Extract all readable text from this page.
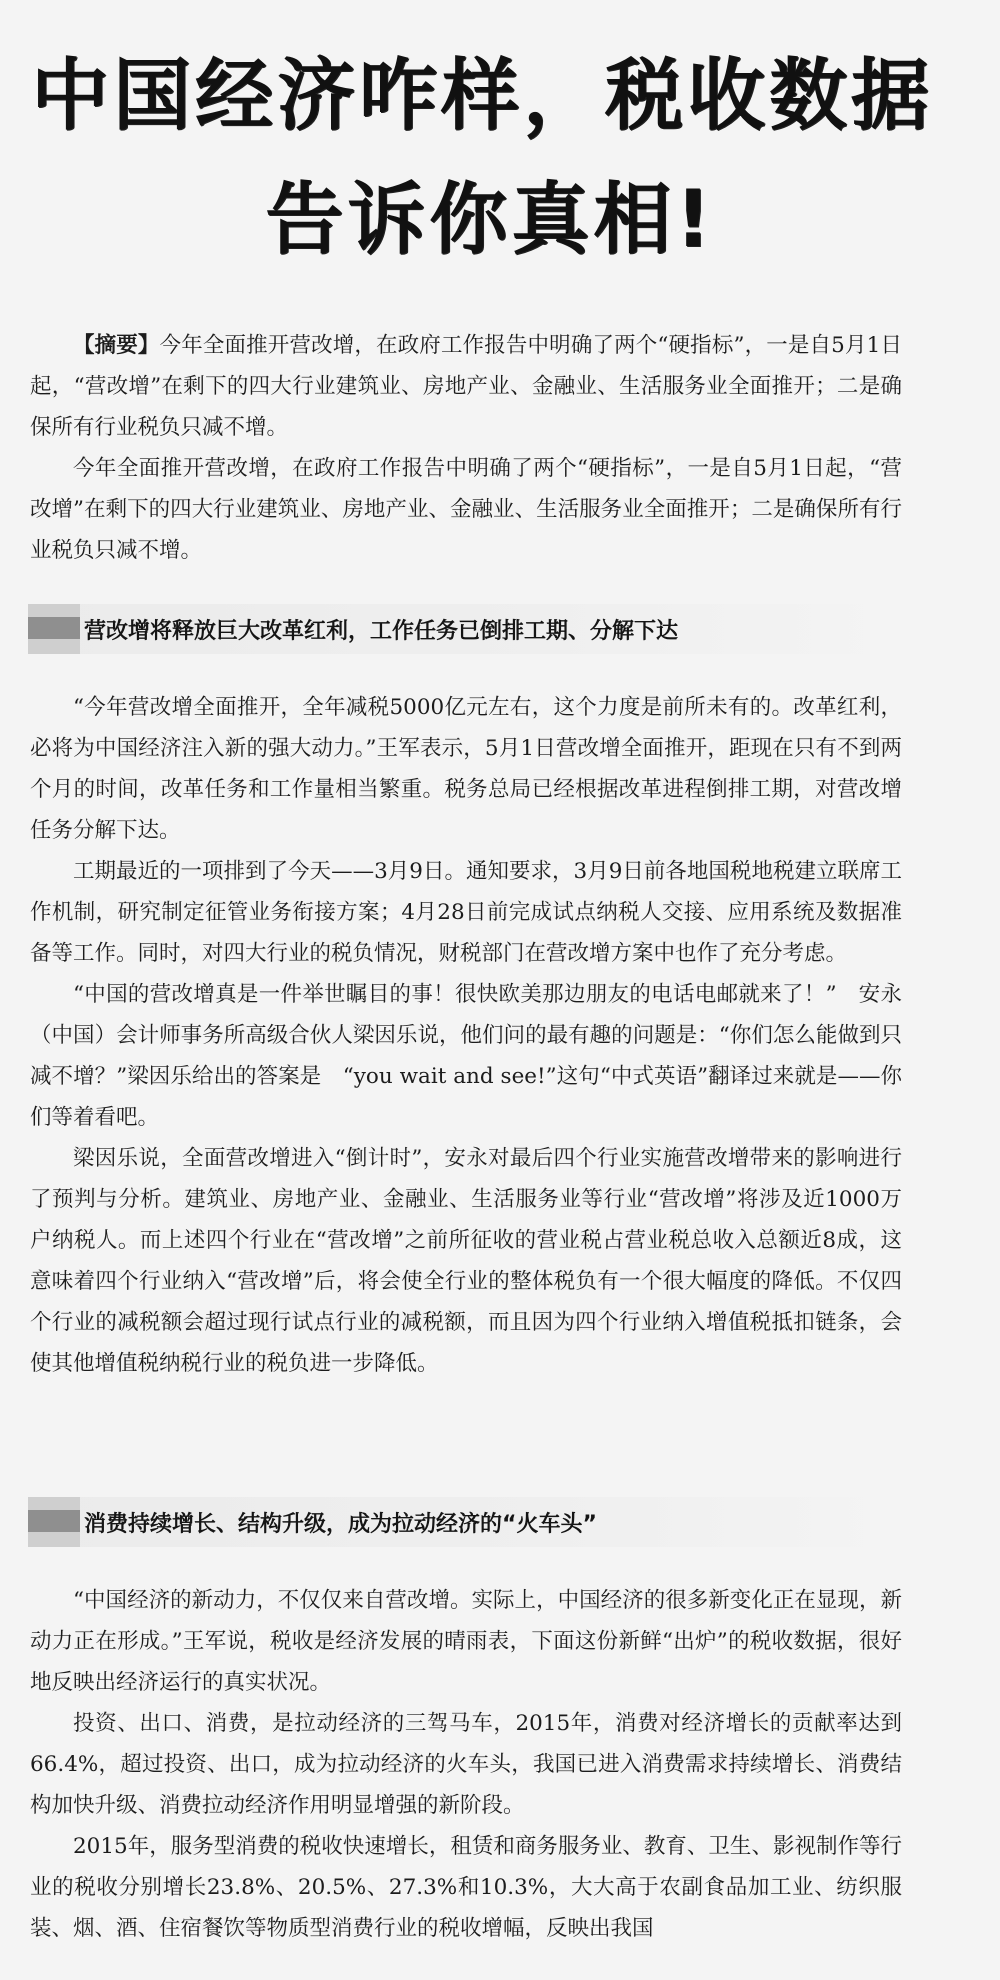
中国经济咋样，税收数据
告诉你真相!

【摘要】今年全面推开营改增，在政府工作报告中明确了两个“硬指标”，一是自5月1日起，“营改增”在剩下的四大行业建筑业、房地产业、金融业、生活服务业全面推开；二是确保所有行业税负只减不增。

今年全面推开营改增，在政府工作报告中明确了两个“硬指标”，一是自5月1日起，“营改增”在剩下的四大行业建筑业、房地产业、金融业、生活服务业全面推开；二是确保所有行业税负只减不增。

营改增将释放巨大改革红利，工作任务已倒排工期、分解下达

“今年营改增全面推开，全年减税5000亿元左右，这个力度是前所未有的。改革红利，必将为中国经济注入新的强大动力。”王军表示，5月1日营改增全面推开，距现在只有不到两个月的时间，改革任务和工作量相当繁重。税务总局已经根据改革进程倒排工期，对营改增任务分解下达。

工期最近的一项排到了今天——3月9日。通知要求，3月9日前各地国税地税建立联席工作机制，研究制定征管业务衔接方案；4月28日前完成试点纳税人交接、应用系统及数据准备等工作。同时，对四大行业的税负情况，财税部门在营改增方案中也作了充分考虑。

“中国的营改增真是一件举世瞩目的事！很快欧美那边朋友的电话电邮就来了！”　安永（中国）会计师事务所高级合伙人梁因乐说，他们问的最有趣的问题是：“你们怎么能做到只减不增？”梁因乐给出的答案是　“you wait and see!”这句“中式英语”翻译过来就是——你们等着看吧。

梁因乐说，全面营改增进入“倒计时”，安永对最后四个行业实施营改增带来的影响进行了预判与分析。建筑业、房地产业、金融业、生活服务业等行业“营改增”将涉及近1000万户纳税人。而上述四个行业在“营改增”之前所征收的营业税占营业税总收入总额近8成，这意味着四个行业纳入“营改增”后，将会使全行业的整体税负有一个很大幅度的降低。不仅四个行业的减税额会超过现行试点行业的减税额，而且因为四个行业纳入增值税抵扣链条，会使其他增值税纳税行业的税负进一步降低。

消费持续增长、结构升级，成为拉动经济的“火车头”

“中国经济的新动力，不仅仅来自营改增。实际上，中国经济的很多新变化正在显现，新动力正在形成。”王军说，税收是经济发展的晴雨表，下面这份新鲜“出炉”的税收数据，很好地反映出经济运行的真实状况。

投资、出口、消费，是拉动经济的三驾马车，2015年，消费对经济增长的贡献率达到66.4%，超过投资、出口，成为拉动经济的火车头，我国已进入消费需求持续增长、消费结构加快升级、消费拉动经济作用明显增强的新阶段。

2015年，服务型消费的税收快速增长，租赁和商务服务业、教育、卫生、影视制作等行业的税收分别增长23.8%、20.5%、27.3%和10.3%，大大高于农副食品加工业、纺织服装、烟、酒、住宿餐饮等物质型消费行业的税收增幅，反映出我国
